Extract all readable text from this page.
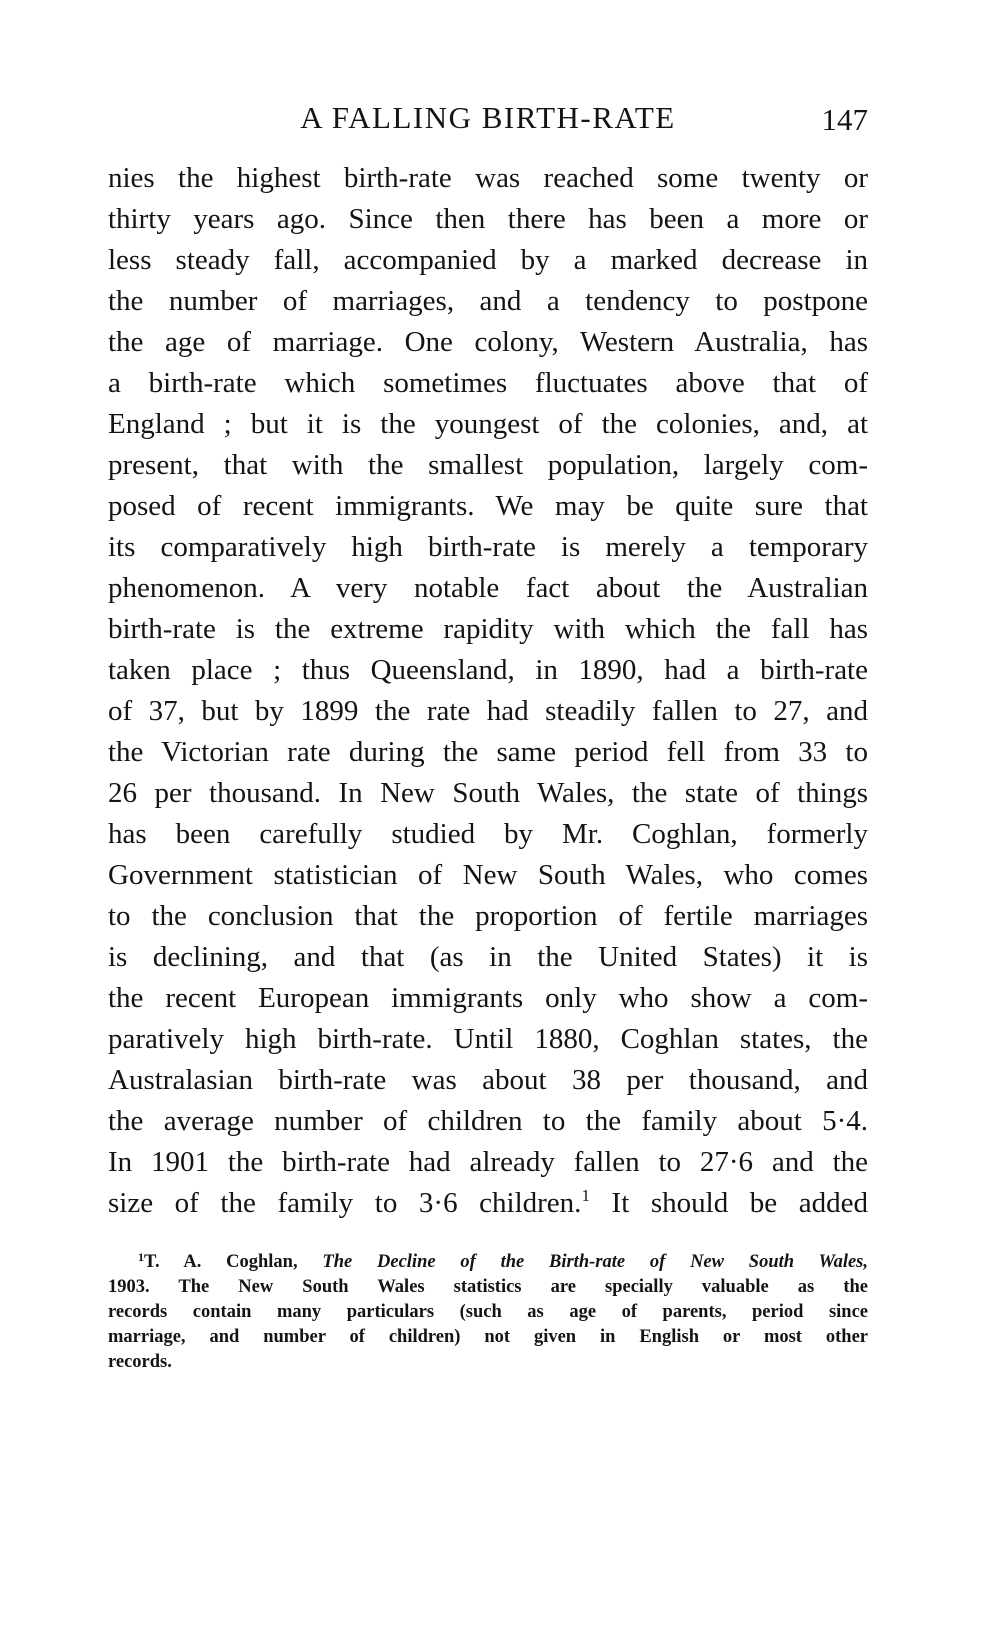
A FALLING BIRTH-RATE	147
nies the highest birth-rate was reached some twenty or
thirty years ago. Since then there has been a more or
less steady fall, accompanied by a marked decrease in
the number of marriages, and a tendency to postpone
the age of marriage. One colony, Western Australia, has
a birth-rate which sometimes fluctuates above that of
England ; but it is the youngest of the colonies, and, at
present, that with the smallest population, largely com-
posed of recent immigrants. We may be quite sure that
its comparatively high birth-rate is merely a temporary
phenomenon. A very notable fact about the Australian
birth-rate is the extreme rapidity with which the fall has
taken place ; thus Queensland, in 1890, had a birth-rate
of 37, but by 1899 the rate had steadily fallen to 27, and
the Victorian rate during the same period fell from 33 to
26 per thousand. In New South Wales, the state of things
has been carefully studied by Mr. Coghlan, formerly
Government statistician of New South Wales, who comes
to the conclusion that the proportion of fertile marriages
is declining, and that (as in the United States) it is
the recent European immigrants only who show a com-
paratively high birth-rate. Until 1880, Coghlan states, the
Australasian birth-rate was about 38 per thousand, and
the average number of children to the family about 5·4.
In 1901 the birth-rate had already fallen to 27·6 and the
size of the family to 3·6 children.$^1$ It should be added
$^1$T. A. Coghlan, The Decline of the Birth-rate of New South Wales,
1903. The New South Wales statistics are specially valuable as the
records contain many particulars (such as age of parents, period since
marriage, and number of children) not given in English or most other
records.
